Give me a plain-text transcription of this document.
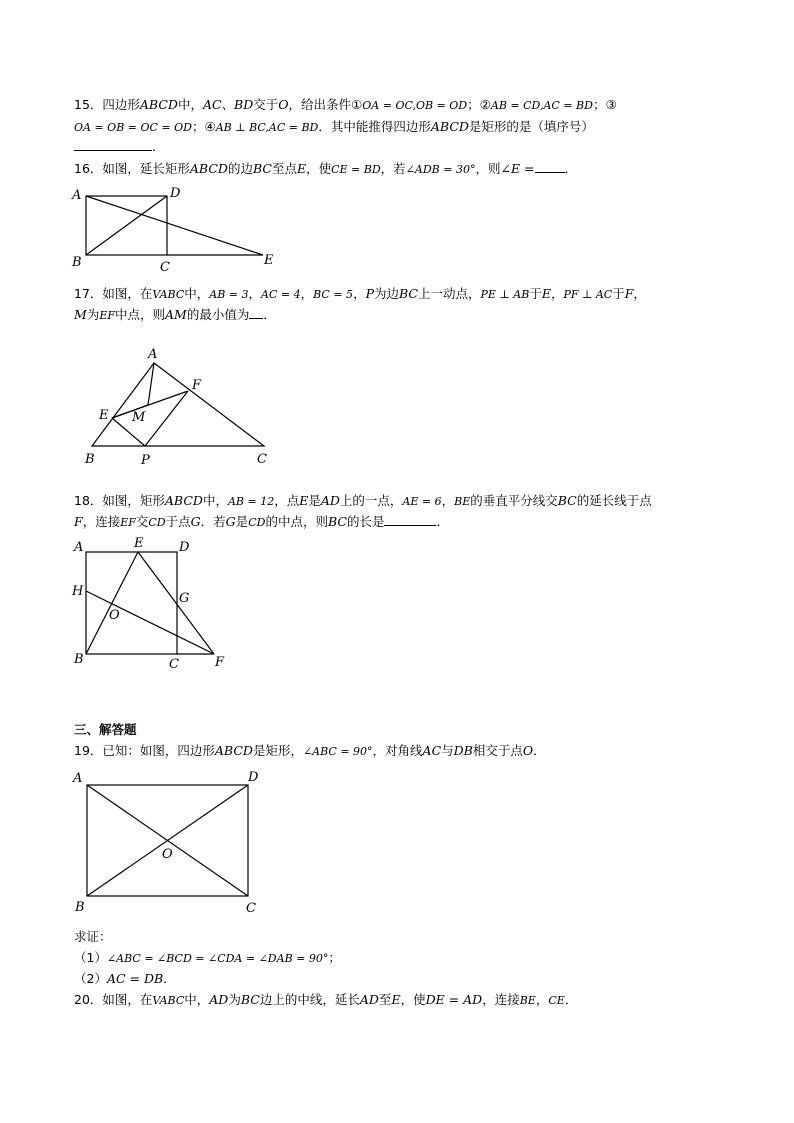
15．四边形ABCD中，AC、BD交于O，给出条件①OA = OC,OB = OD；②AB = CD,AC = BD；③
OA = OB = OC = OD；④AB ⊥ BC,AC = BD．其中能推得四边形ABCD是矩形的是（填序号）
．
16．如图，延长矩形ABCD的边BC至点E，使CE = BD，若∠ADB = 30°，则∠E = ．
A	D
B	C	E
17．如图，在VABC中，AB = 3，AC = 4，BC = 5，P为边BC上一动点，PE ⊥ AB于E，PF ⊥ AC于F，
M为EF中点，则AM的最小值为 ．
A
F
E M
B	P	C
18．如图，矩形ABCD中，AB = 12，点E是AD上的一点，AE = 6，BE的垂直平分线交BC的延长线于点
F，连接EF交CD于点G．若G是CD的中点，则BC的长是	．
A	E	D
H	G
O
B	C	F
三、解答题
19．已知：如图，四边形ABCD是矩形，∠ABC = 90°，对角线AC与DB相交于点O．
A	D
O
B	C
求证：
（1）∠ABC = ∠BCD = ∠CDA = ∠DAB = 90°；
（2）AC = DB．
20．如图，在VABC中，AD为BC边上的中线，延长AD至E，使DE = AD，连接BE，CE．
